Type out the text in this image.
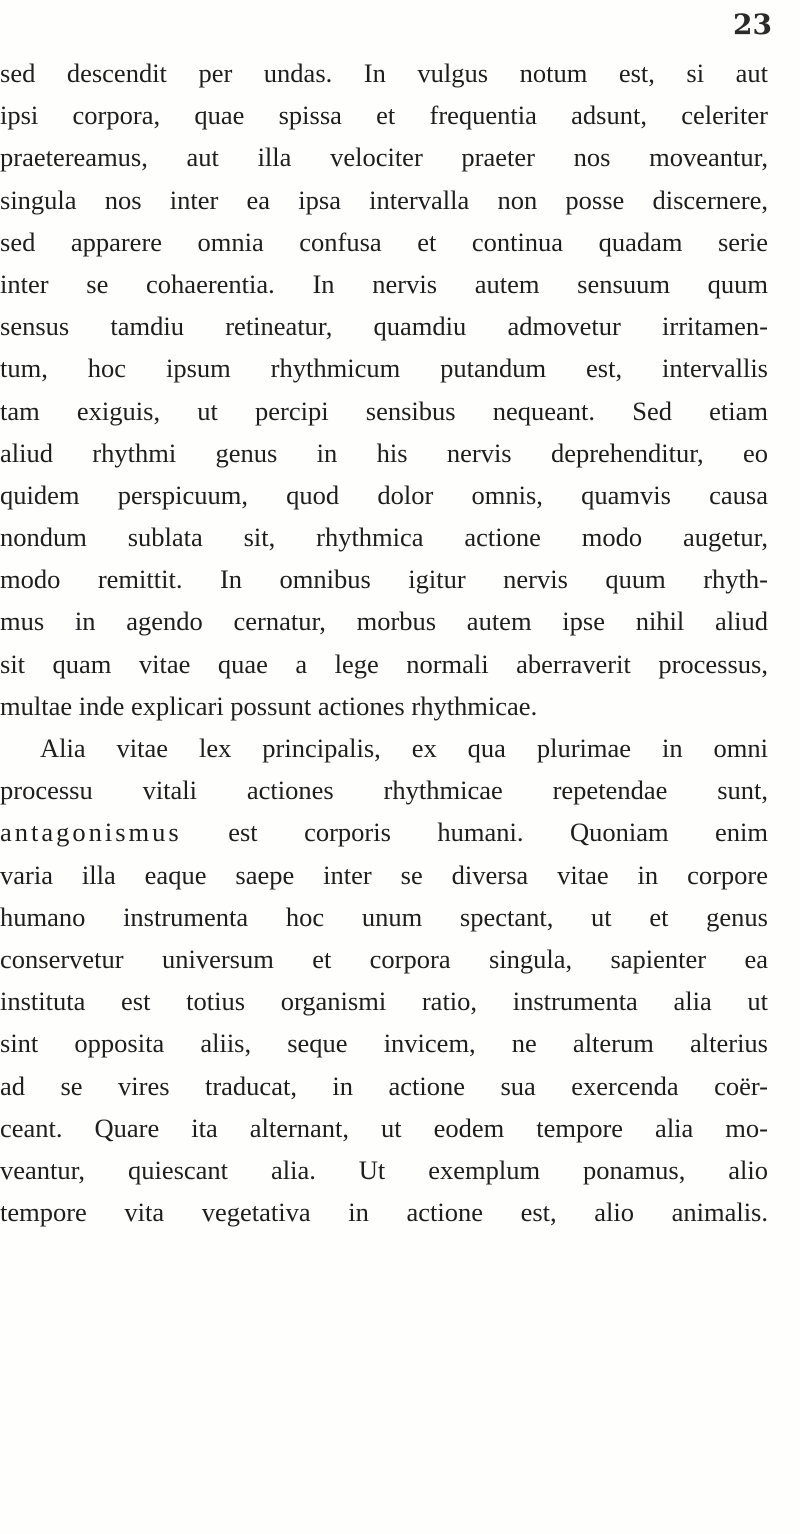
23
sed descendit per undas. In vulgus notum est, si aut
ipsi corpora, quae spissa et frequentia adsunt, celeriter
praetereamus, aut illa velociter praeter nos moveantur,
singula nos inter ea ipsa intervalla non posse discernere,
sed apparere omnia confusa et continua quadam serie
inter se cohaerentia. In nervis autem sensuum quum
sensus tamdiu retineatur, quamdiu admovetur irritamen-
tum, hoc ipsum rhythmicum putandum est, intervallis
tam exiguis, ut percipi sensibus nequeant. Sed etiam
aliud rhythmi genus in his nervis deprehenditur, eo
quidem perspicuum, quod dolor omnis, quamvis causa
nondum sublata sit, rhythmica actione modo augetur,
modo remittit. In omnibus igitur nervis quum rhyth-
mus in agendo cernatur, morbus autem ipse nihil aliud
sit quam vitae quae a lege normali aberraverit processus,
multae inde explicari possunt actiones rhythmicae.
Alia vitae lex principalis, ex qua plurimae in omni
processu vitali actiones rhythmicae repetendae sunt,
antagonismus est corporis humani. Quoniam enim
varia illa eaque saepe inter se diversa vitae in corpore
humano instrumenta hoc unum spectant, ut et genus
conservetur universum et corpora singula, sapienter ea
instituta est totius organismi ratio, instrumenta alia ut
sint opposita aliis, seque invicem, ne alterum alterius
ad se vires traducat, in actione sua exercenda coër-
ceant. Quare ita alternant, ut eodem tempore alia mo-
veantur, quiescant alia. Ut exemplum ponamus, alio
tempore vita vegetativa in actione est, alio animalis.
